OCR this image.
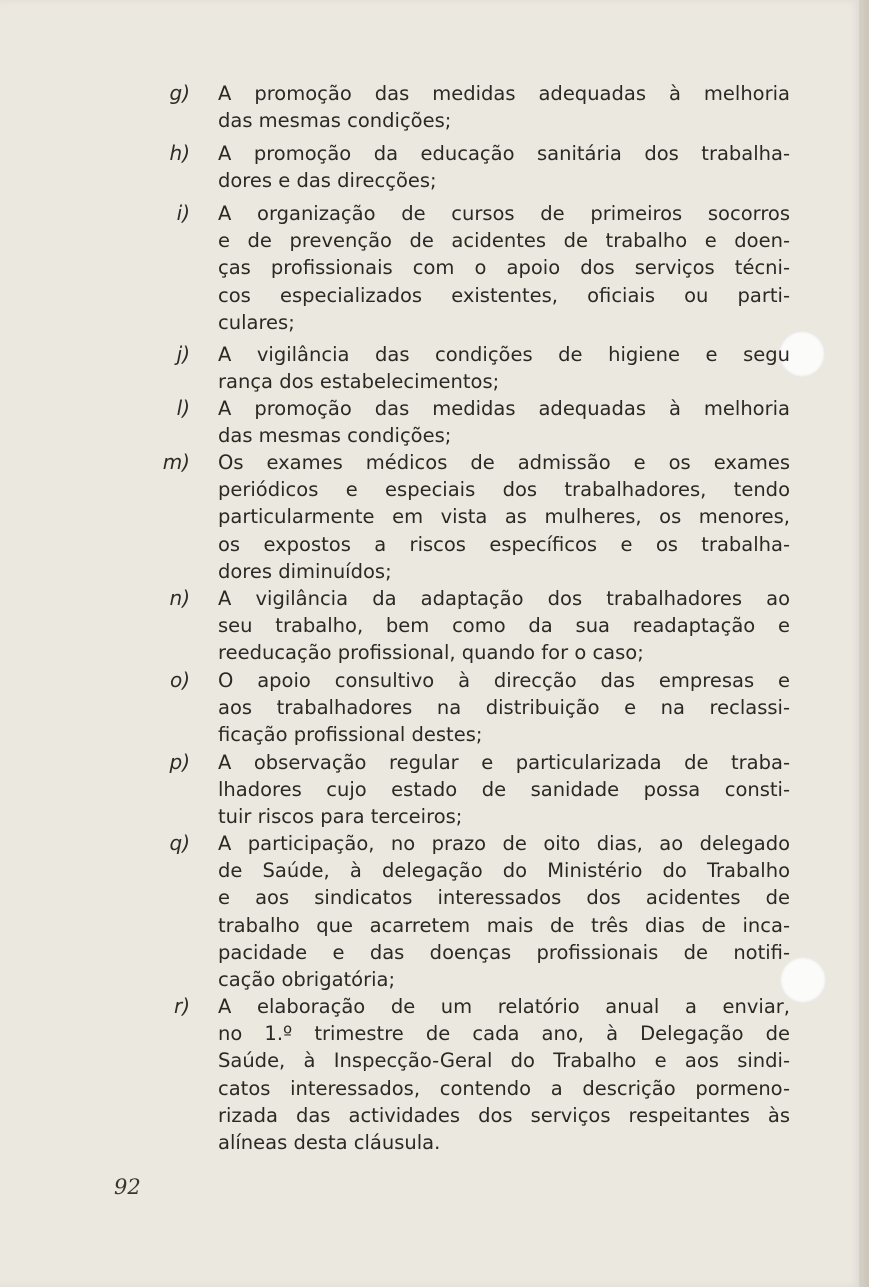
g) A promoção das medidas adequadas à melhoria
das mesmas condições;
h) A promoção da educação sanitária dos trabalha-
dores e das direcções;
i) A organização de cursos de primeiros socorros
e de prevenção de acidentes de trabalho e doen-
ças profissionais com o apoio dos serviços técni-
cos especializados existentes, oficiais ou parti-
culares;
j) A vigilância das condições de higiene e segu
rança dos estabelecimentos;
l) A promoção das medidas adequadas à melhoria
das mesmas condições;
m) Os exames médicos de admissão e os exames
periódicos e especiais dos trabalhadores, tendo
particularmente em vista as mulheres, os menores,
os expostos a riscos específicos e os trabalha-
dores diminuídos;
n) A vigilância da adaptação dos trabalhadores ao
seu trabalho, bem como da sua readaptação e
reeducação profissional, quando for o caso;
o) O apoio consultivo à direcção das empresas e
aos trabalhadores na distribuição e na reclassi-
ficação profissional destes;
p) A observação regular e particularizada de traba-
lhadores cujo estado de sanidade possa consti-
tuir riscos para terceiros;
q) A participação, no prazo de oito dias, ao delegado
de Saúde, à delegação do Ministério do Trabalho
e aos sindicatos interessados dos acidentes de
trabalho que acarretem mais de três dias de inca-
pacidade e das doenças profissionais de notifi-
cação obrigatória;
r) A elaboração de um relatório anual a enviar,
no 1.º trimestre de cada ano, à Delegação de
Saúde, à Inspecção-Geral do Trabalho e aos sindi-
catos interessados, contendo a descrição pormeno-
rizada das actividades dos serviços respeitantes às
alíneas desta cláusula.
92
